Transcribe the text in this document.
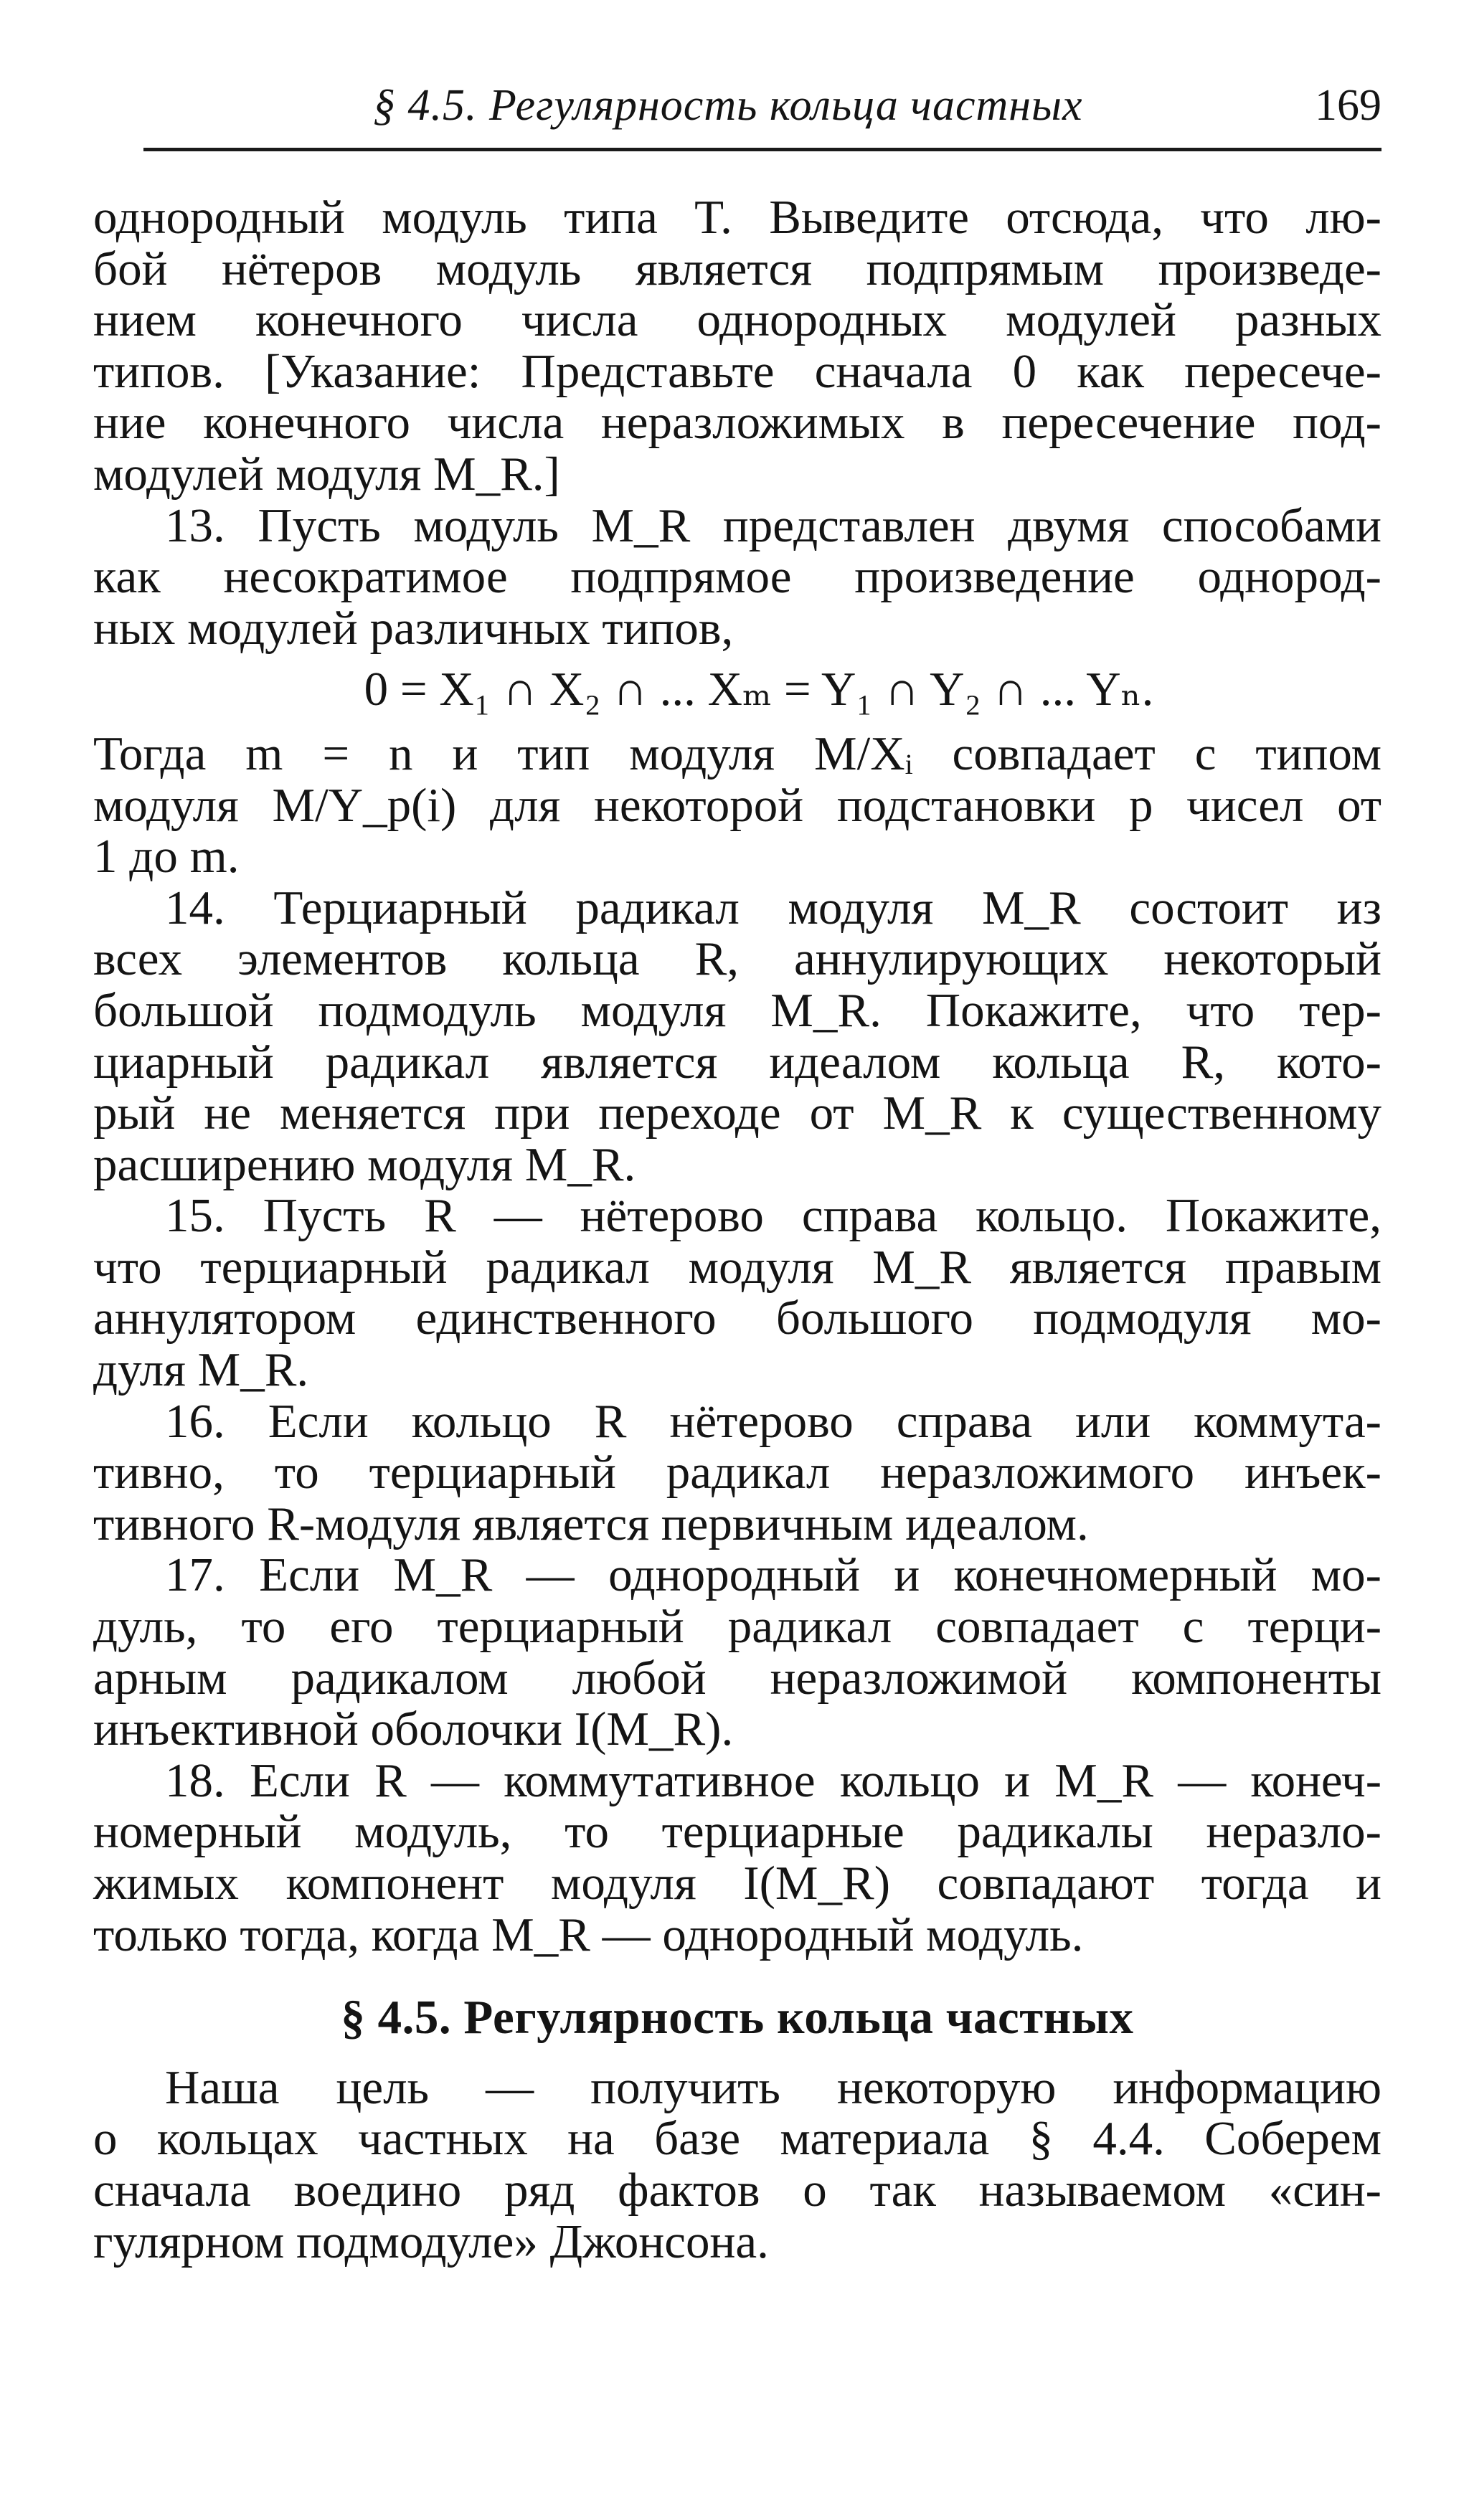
§ 4.5. Регулярность кольца частных	169
однородный модуль типа T. Выведите отсюда, что лю-
бой нётеров модуль является подпрямым произведе-
нием конечного числа однородных модулей разных
типов. [Указание: Представьте сначала 0 как пересече-
ние конечного числа неразложимых в пересечение под-
модулей модуля M_R.]
13. Пусть модуль M_R представлен двумя способами
как несократимое подпрямое произведение однород-
ных модулей различных типов,
0 = X₁ ∩ X₂ ∩ ... Xₘ = Y₁ ∩ Y₂ ∩ ... Yₙ.
Тогда m = n и тип модуля M/Xᵢ совпадает с типом
модуля M/Y_p(i) для некоторой подстановки p чисел от
1 до m.
14. Терциарный радикал модуля M_R состоит из
всех элементов кольца R, аннулирующих некоторый
большой подмодуль модуля M_R. Покажите, что тер-
циарный радикал является идеалом кольца R, кото-
рый не меняется при переходе от M_R к существенному
расширению модуля M_R.
15. Пусть R — нётерово справа кольцо. Покажите,
что терциарный радикал модуля M_R является правым
аннулятором единственного большого подмодуля мо-
дуля M_R.
16. Если кольцо R нётерово справа или коммута-
тивно, то терциарный радикал неразложимого инъек-
тивного R-модуля является первичным идеалом.
17. Если M_R — однородный и конечномерный мо-
дуль, то его терциарный радикал совпадает с терци-
арным радикалом любой неразложимой компоненты
инъективной оболочки I(M_R).
18. Если R — коммутативное кольцо и M_R — конеч-
номерный модуль, то терциарные радикалы неразло-
жимых компонент модуля I(M_R) совпадают тогда и
только тогда, когда M_R — однородный модуль.
§ 4.5. Регулярность кольца частных
Наша цель — получить некоторую информацию
о кольцах частных на базе материала § 4.4. Соберем
сначала воедино ряд фактов о так называемом «син-
гулярном подмодуле» Джонсона.
